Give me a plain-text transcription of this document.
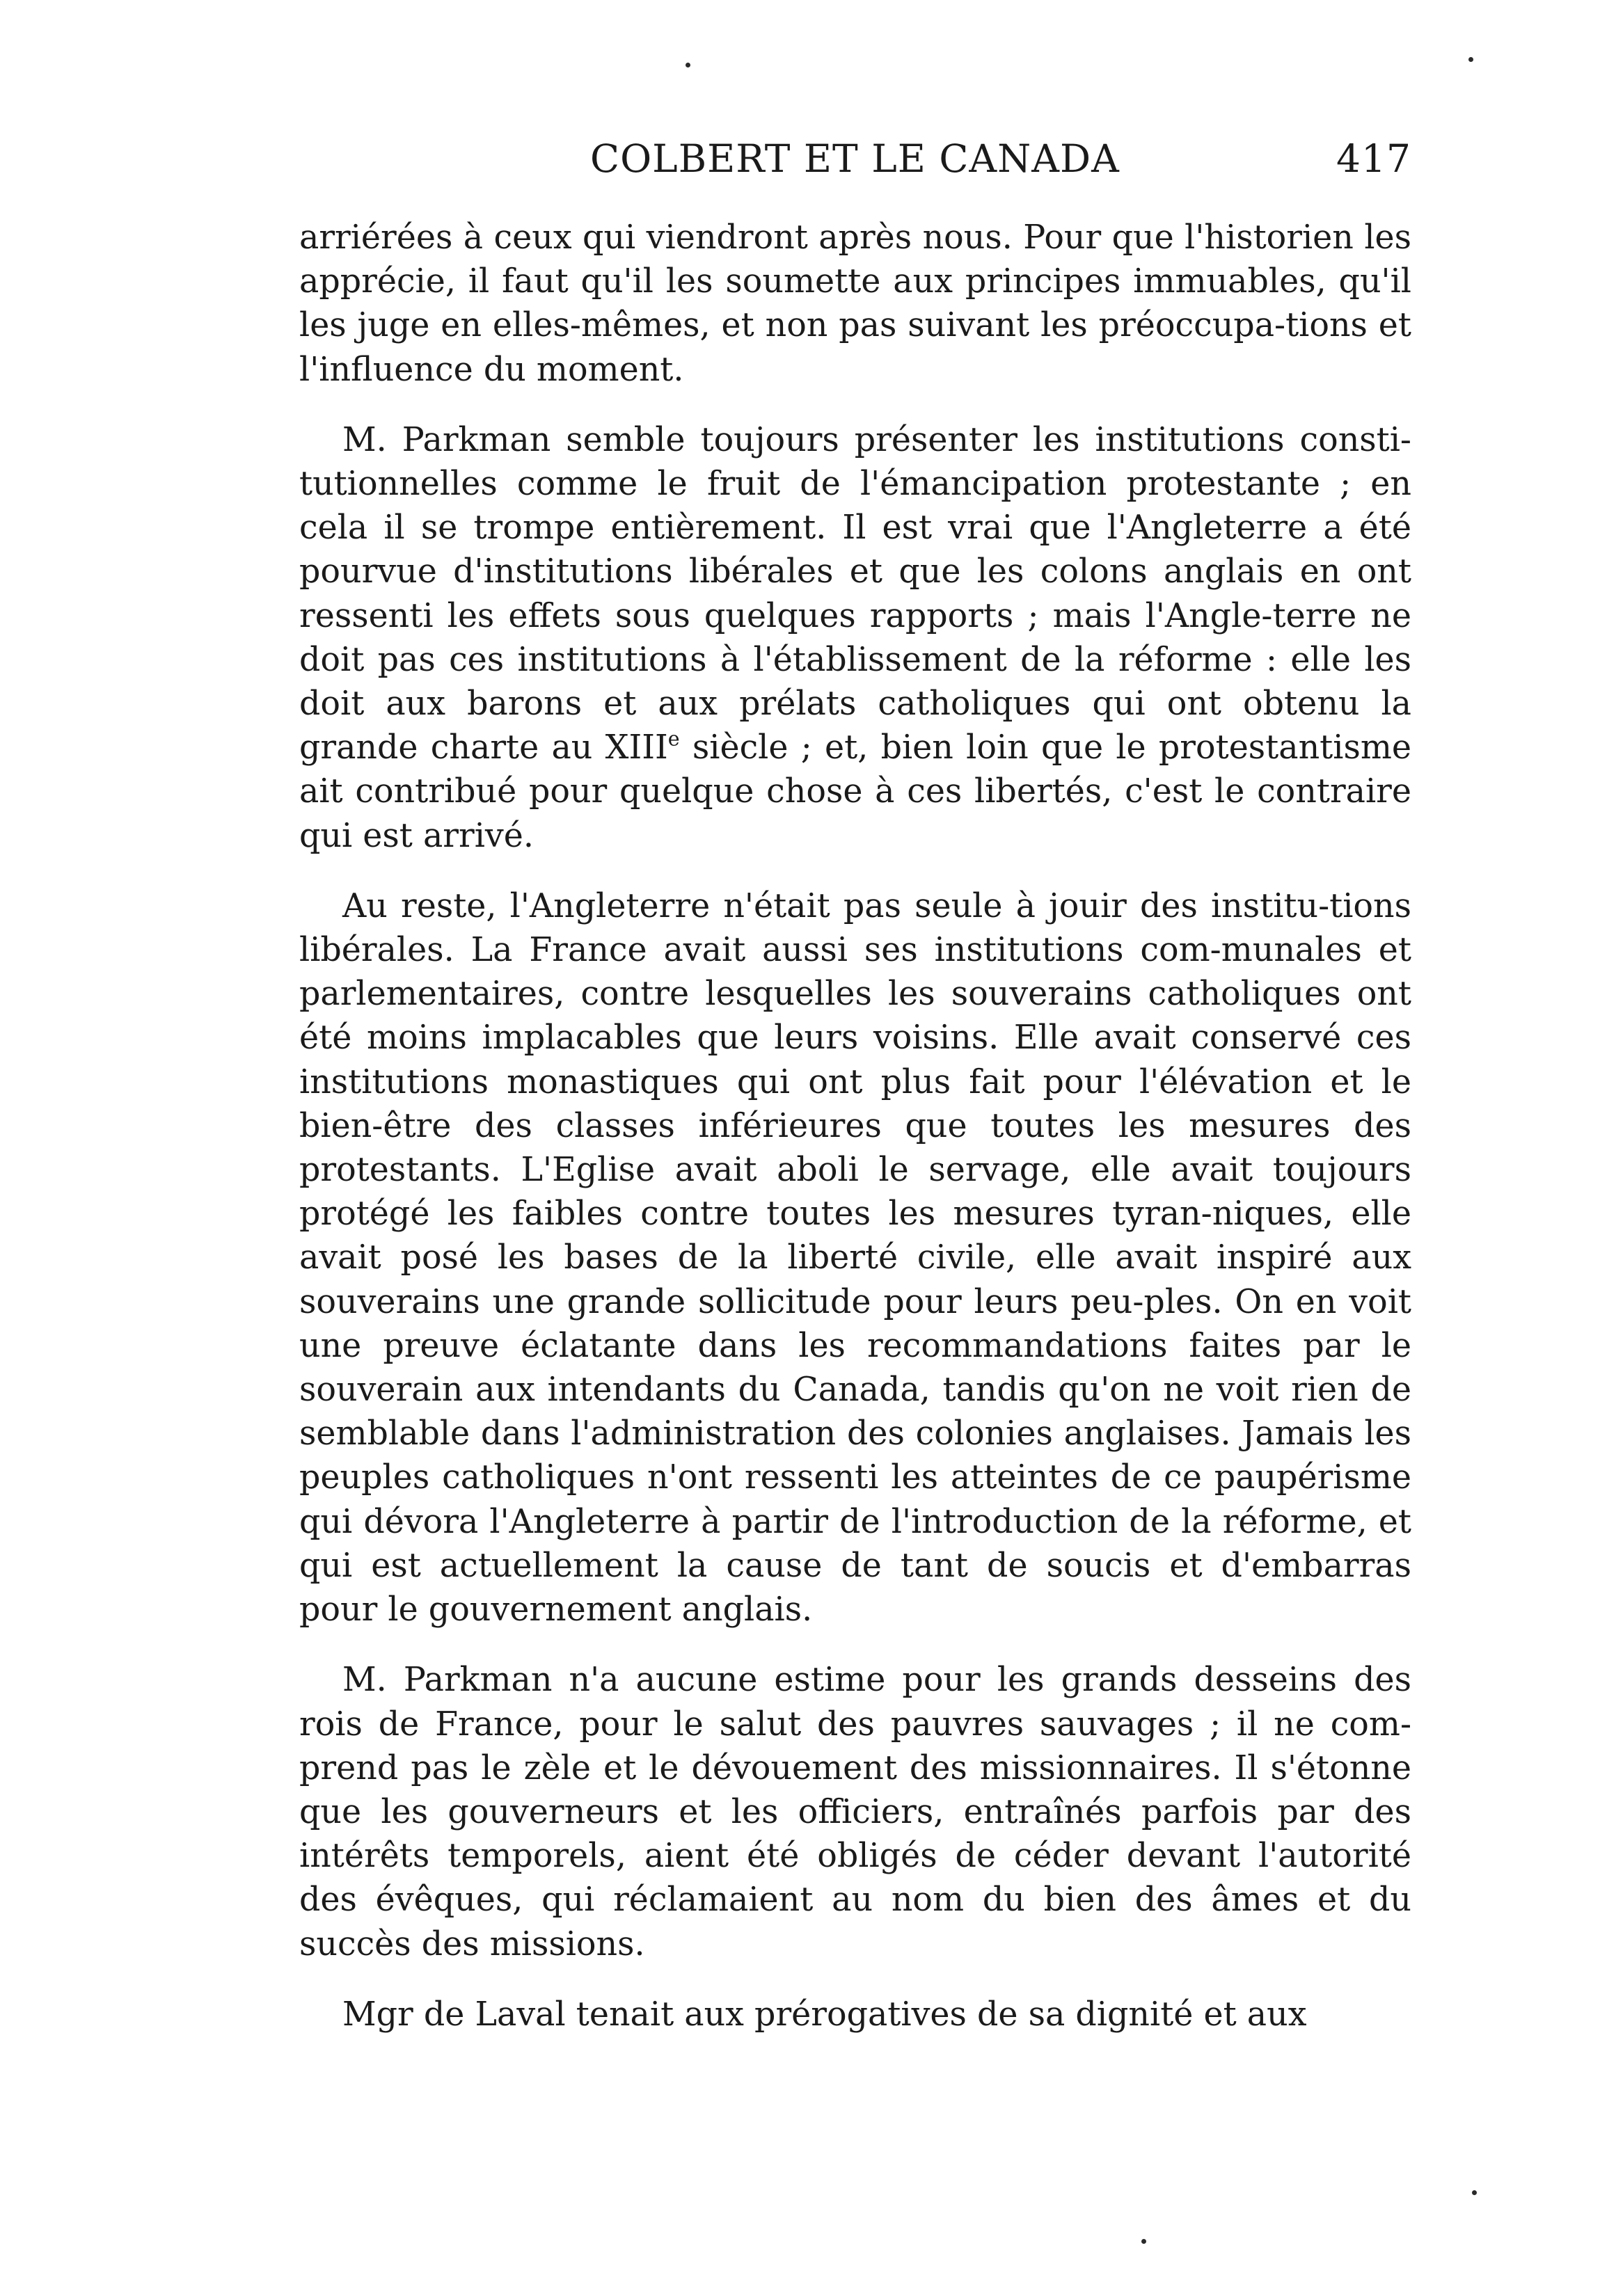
COLBERT ET LE CANADA	417

arriérées à ceux qui viendront après nous. Pour que l'historien les apprécie, il faut qu'il les soumette aux principes immuables, qu'il les juge en elles-mêmes, et non pas suivant les préoccupa-tions et l'influence du moment.

M. Parkman semble toujours présenter les institutions consti-tutionnelles comme le fruit de l'émancipation protestante ; en cela il se trompe entièrement. Il est vrai que l'Angleterre a été pourvue d'institutions libérales et que les colons anglais en ont ressenti les effets sous quelques rapports ; mais l'Angle-terre ne doit pas ces institutions à l'établissement de la réforme : elle les doit aux barons et aux prélats catholiques qui ont obtenu la grande charte au XIIIe siècle ; et, bien loin que le protestantisme ait contribué pour quelque chose à ces libertés, c'est le contraire qui est arrivé.

Au reste, l'Angleterre n'était pas seule à jouir des institu-tions libérales. La France avait aussi ses institutions com-munales et parlementaires, contre lesquelles les souverains catholiques ont été moins implacables que leurs voisins. Elle avait conservé ces institutions monastiques qui ont plus fait pour l'élévation et le bien-être des classes inférieures que toutes les mesures des protestants. L'Eglise avait aboli le servage, elle avait toujours protégé les faibles contre toutes les mesures tyran-niques, elle avait posé les bases de la liberté civile, elle avait inspiré aux souverains une grande sollicitude pour leurs peu-ples. On en voit une preuve éclatante dans les recommandations faites par le souverain aux intendants du Canada, tandis qu'on ne voit rien de semblable dans l'administration des colonies anglaises. Jamais les peuples catholiques n'ont ressenti les atteintes de ce paupérisme qui dévora l'Angleterre à partir de l'introduction de la réforme, et qui est actuellement la cause de tant de soucis et d'embarras pour le gouvernement anglais.

M. Parkman n'a aucune estime pour les grands desseins des rois de France, pour le salut des pauvres sauvages ; il ne com-prend pas le zèle et le dévouement des missionnaires. Il s'étonne que les gouverneurs et les officiers, entraînés parfois par des intérêts temporels, aient été obligés de céder devant l'autorité des évêques, qui réclamaient au nom du bien des âmes et du succès des missions.

Mgr de Laval tenait aux prérogatives de sa dignité et aux
